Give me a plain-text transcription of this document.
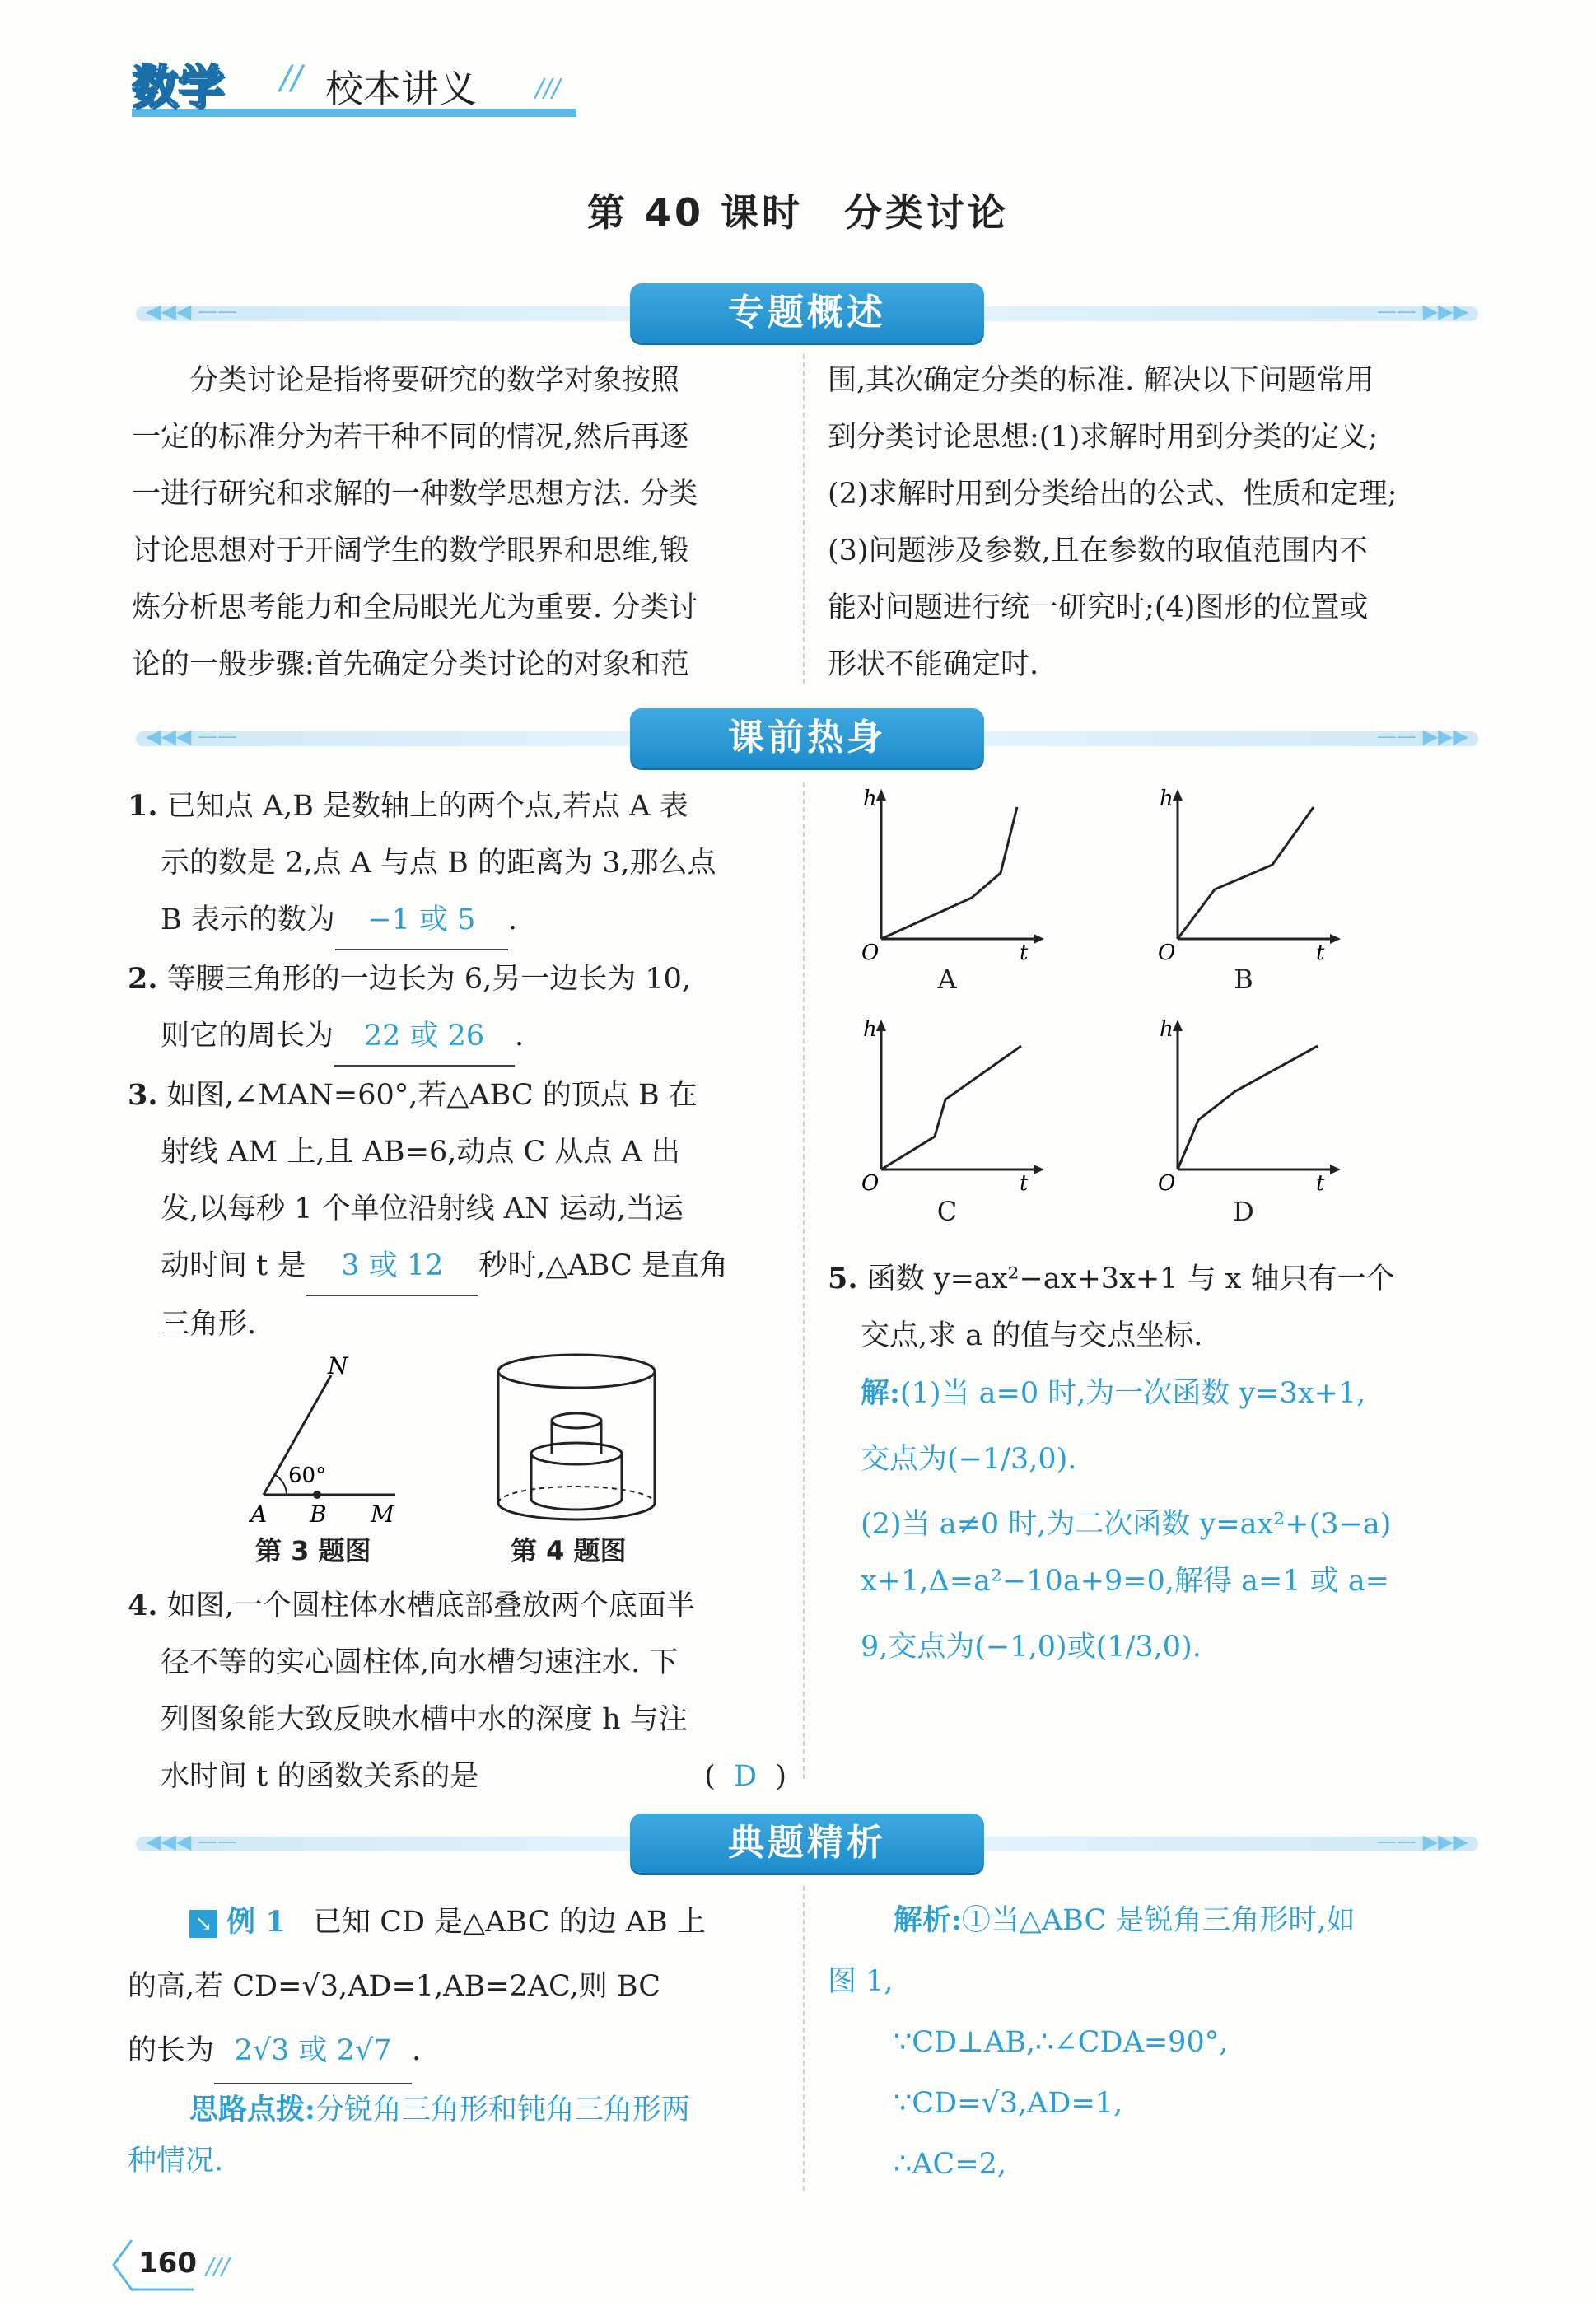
数学 // 校本讲义 ///
第 40 课时　分类讨论
◀◀◀ ——	—— ▶▶▶
专题概述
分类讨论是指将要研究的数学对象按照
一定的标准分为若干种不同的情况,然后再逐
一进行研究和求解的一种数学思想方法. 分类
讨论思想对于开阔学生的数学眼界和思维,锻
炼分析思考能力和全局眼光尤为重要. 分类讨
论的一般步骤:首先确定分类讨论的对象和范
围,其次确定分类的标准. 解决以下问题常用
到分类讨论思想:(1)求解时用到分类的定义;
(2)求解时用到分类给出的公式、性质和定理;
(3)问题涉及参数,且在参数的取值范围内不
能对问题进行统一研究时;(4)图形的位置或
形状不能确定时.
◀◀◀ ——	—— ▶▶▶
课前热身
1. 已知点 A,B 是数轴上的两个点,若点 A 表
示的数是 2,点 A 与点 B 的距离为 3,那么点
B 表示的数为 −1 或 5 .
2. 等腰三角形的一边长为 6,另一边长为 10,
则它的周长为 22 或 26 .
3. 如图,∠MAN=60°,若△ABC 的顶点 B 在
射线 AM 上,且 AB=6,动点 C 从点 A 出
发,以每秒 1 个单位沿射线 AN 运动,当运
动时间 t 是 3 或 12 秒时,△ABC 是直角
三角形.
N
A B M
60°
第 3 题图	第 4 题图
4. 如图,一个圆柱体水槽底部叠放两个底面半
径不等的实心圆柱体,向水槽匀速注水. 下
列图象能大致反映水槽中水的深度 h 与注
水时间 t 的函数关系的是	( D )
h
O	t
A
h
O	t
B
h
O	t
C
h
O	t
D
5. 函数 y=ax²−ax+3x+1 与 x 轴只有一个
交点,求 a 的值与交点坐标.
解:(1)当 a=0 时,为一次函数 y=3x+1,
交点为(−1/3,0).
(2)当 a≠0 时,为二次函数 y=ax²+(3−a)
x+1,Δ=a²−10a+9=0,解得 a=1 或 a=
9,交点为(−1,0)或(1/3,0).
◀◀◀ ——	—— ▶▶▶
典题精析
↘ 例 1 已知 CD 是△ABC 的边 AB 上
的高,若 CD=√3,AD=1,AB=2AC,则 BC
的长为 2√3 或 2√7 .
思路点拨:分锐角三角形和钝角三角形两
种情况.
解析:①当△ABC 是锐角三角形时,如
图 1,
∵CD⊥AB,∴∠CDA=90°,
∵CD=√3,AD=1,
∴AC=2,
160 ///
